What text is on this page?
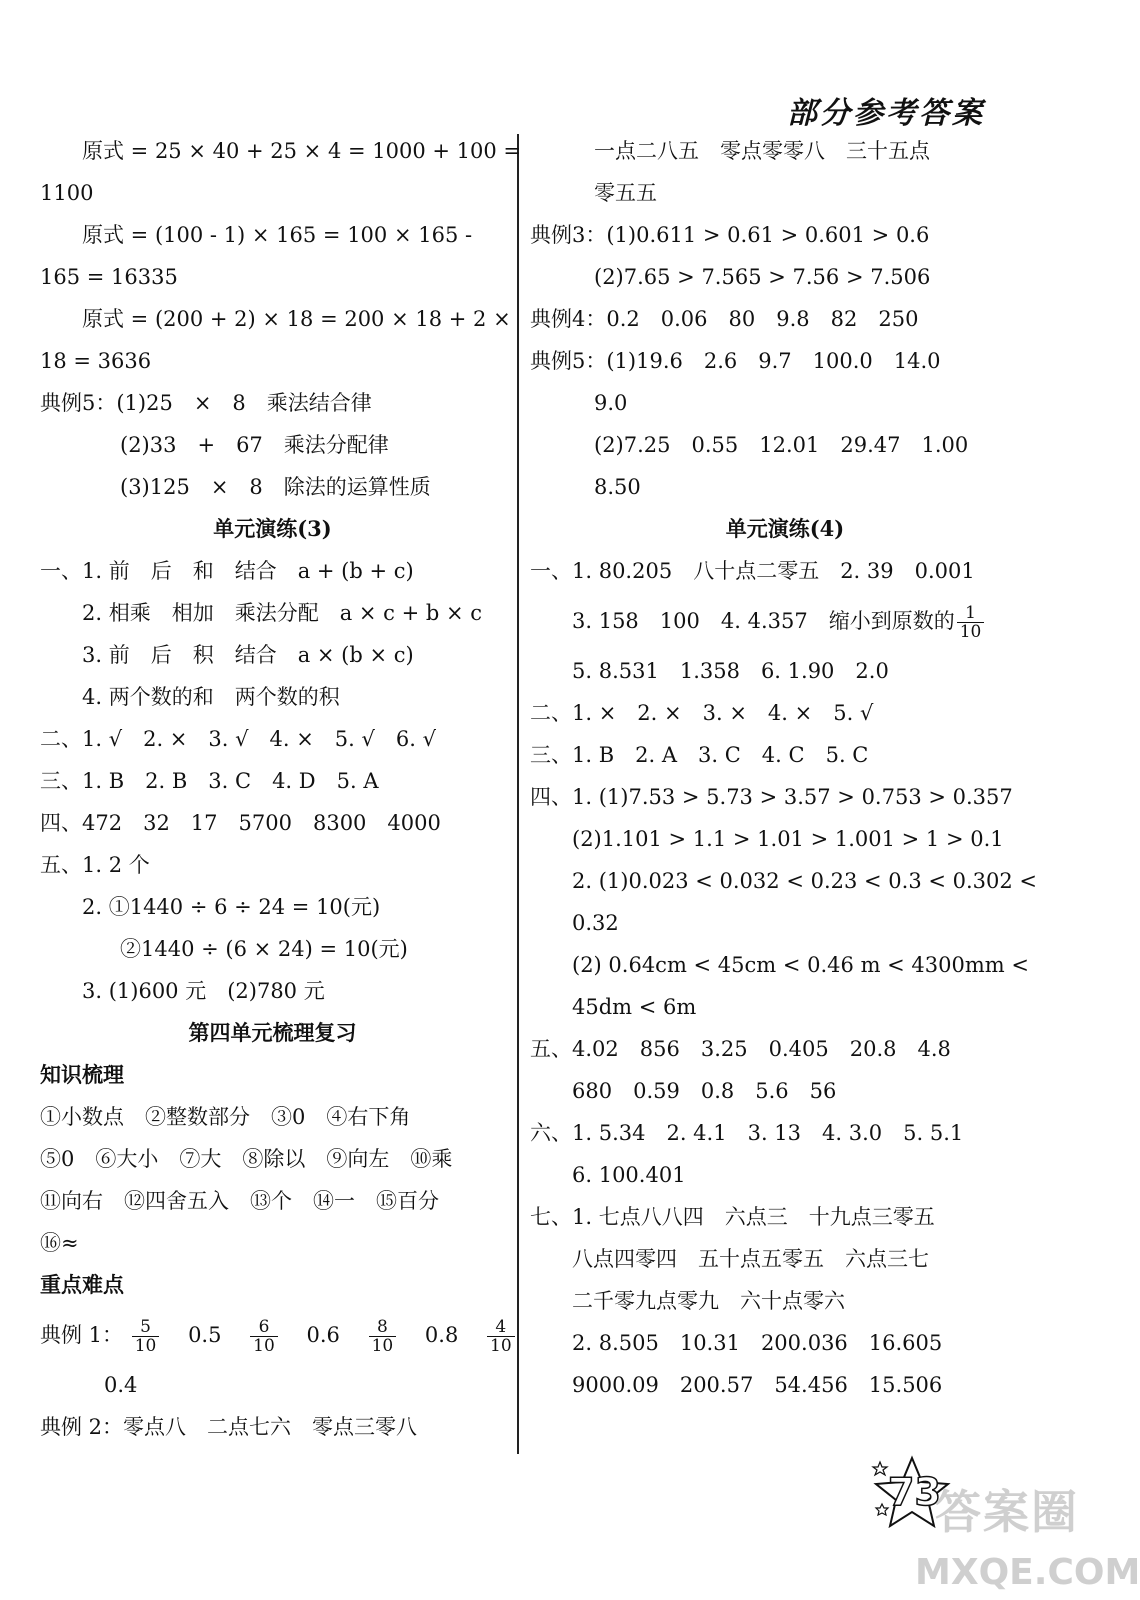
部分参考答案
原式 = 25 × 40 + 25 × 4 = 1000 + 100 =
1100
原式 = (100 - 1) × 165 = 100 × 165 -
165 = 16335
原式 = (200 + 2) × 18 = 200 × 18 + 2 ×
18 = 3636
典例5：(1)25　×　8　乘法结合律
(2)33　+　67　乘法分配律
(3)125　×　8　除法的运算性质
单元演练(3)
一、1. 前　后　和　结合　a + (b + c)
2. 相乘　相加　乘法分配　a × c + b × c
3. 前　后　积　结合　a × (b × c)
4. 两个数的和　两个数的积
二、1. √　2. ×　3. √　4. ×　5. √　6. √
三、1. B　2. B　3. C　4. D　5. A
四、472　32　17　5700　8300　4000
五、1. 2 个
2. ①1440 ÷ 6 ÷ 24 = 10(元)
②1440 ÷ (6 × 24) = 10(元)
3. (1)600 元　(2)780 元
第四单元梳理复习
知识梳理
①小数点　②整数部分　③0　④右下角
⑤0　⑥大小　⑦大　⑧除以　⑨向左　⑩乘
⑪向右　⑫四舍五入　⑬个　⑭一　⑮百分
⑯≈
重点难点
典例 1： $\frac{5}{10} 0.5 \frac{6}{10} 0.6 \frac{8}{10} 0.8 \frac{4}{10}$
0.4
典例 2：零点八　二点七六　零点三零八
一点二八五　零点零零八　三十五点
零五五
典例3：(1)0.611 > 0.61 > 0.601 > 0.6
(2)7.65 > 7.565 > 7.56 > 7.506
典例4：0.2　0.06　80　9.8　82　250
典例5：(1)19.6　2.6　9.7　100.0　14.0
9.0
(2)7.25　0.55　12.01　29.47　1.00
8.50
单元演练(4)
一、1. 80.205　八十点二零五　2. 39　0.001
3. 158　100　4. 4.357　缩小到原数的 $\frac{1}{10}$
5. 8.531　1.358　6. 1.90　2.0
二、1. ×　2. ×　3. ×　4. ×　5. √
三、1. B　2. A　3. C　4. C　5. C
四、1. (1)7.53 > 5.73 > 3.57 > 0.753 > 0.357
(2)1.101 > 1.1 > 1.01 > 1.001 > 1 > 0.1
2. (1)0.023 < 0.032 < 0.23 < 0.3 < 0.302 <
0.32
(2) 0.64cm < 45cm < 0.46 m < 4300mm <
45dm < 6m
五、4.02　856　3.25　0.405　20.8　4.8
680　0.59　0.8　5.6　56
六、1. 5.34　2. 4.1　3. 13　4. 3.0　5. 5.1
6. 100.401
七、1. 七点八八四　六点三　十九点三零五
八点四零四　五十点五零五　六点三七
二千零九点零九　六十点零六
2. 8.505　10.31　200.036　16.605
9000.09　200.57　54.456　15.506
73
答案圈
MXQE.COM
